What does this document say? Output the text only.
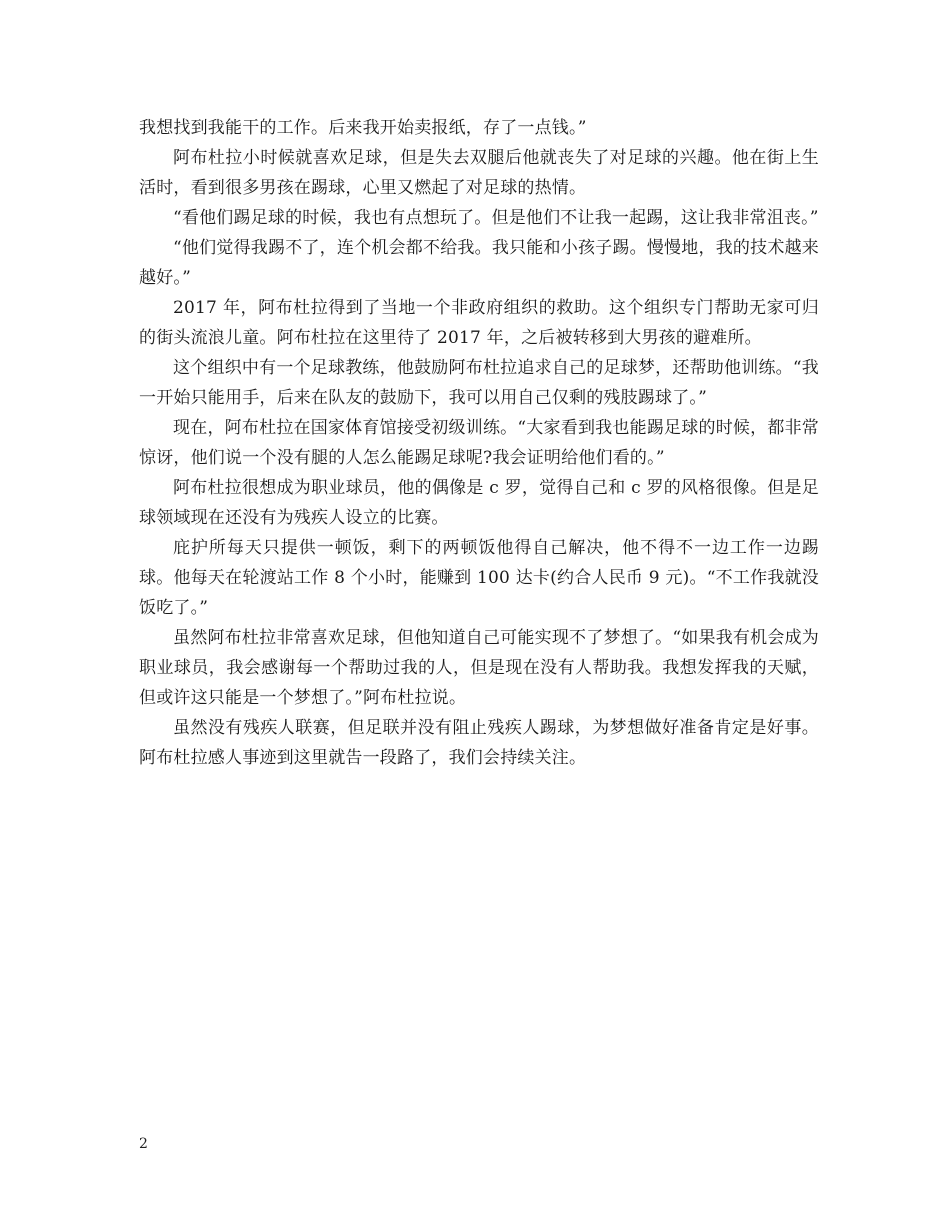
我想找到我能干的工作。后来我开始卖报纸，存了一点钱。”

阿布杜拉小时候就喜欢足球，但是失去双腿后他就丧失了对足球的兴趣。他在街上生活时，看到很多男孩在踢球，心里又燃起了对足球的热情。

“看他们踢足球的时候，我也有点想玩了。但是他们不让我一起踢，这让我非常沮丧。”

“他们觉得我踢不了，连个机会都不给我。我只能和小孩子踢。慢慢地，我的技术越来越好。”

2017 年，阿布杜拉得到了当地一个非政府组织的救助。这个组织专门帮助无家可归的街头流浪儿童。阿布杜拉在这里待了 2017 年，之后被转移到大男孩的避难所。

这个组织中有一个足球教练，他鼓励阿布杜拉追求自己的足球梦，还帮助他训练。“我一开始只能用手，后来在队友的鼓励下，我可以用自己仅剩的残肢踢球了。”

现在，阿布杜拉在国家体育馆接受初级训练。“大家看到我也能踢足球的时候，都非常惊讶，他们说一个没有腿的人怎么能踢足球呢?我会证明给他们看的。”

阿布杜拉很想成为职业球员，他的偶像是 c 罗，觉得自己和 c 罗的风格很像。但是足球领域现在还没有为残疾人设立的比赛。

庇护所每天只提供一顿饭，剩下的两顿饭他得自己解决，他不得不一边工作一边踢球。他每天在轮渡站工作 8 个小时，能赚到 100 达卡(约合人民币 9 元)。“不工作我就没饭吃了。”

虽然阿布杜拉非常喜欢足球，但他知道自己可能实现不了梦想了。“如果我有机会成为职业球员，我会感谢每一个帮助过我的人，但是现在没有人帮助我。我想发挥我的天赋，但或许这只能是一个梦想了。”阿布杜拉说。

虽然没有残疾人联赛，但足联并没有阻止残疾人踢球，为梦想做好准备肯定是好事。阿布杜拉感人事迹到这里就告一段路了，我们会持续关注。

2
